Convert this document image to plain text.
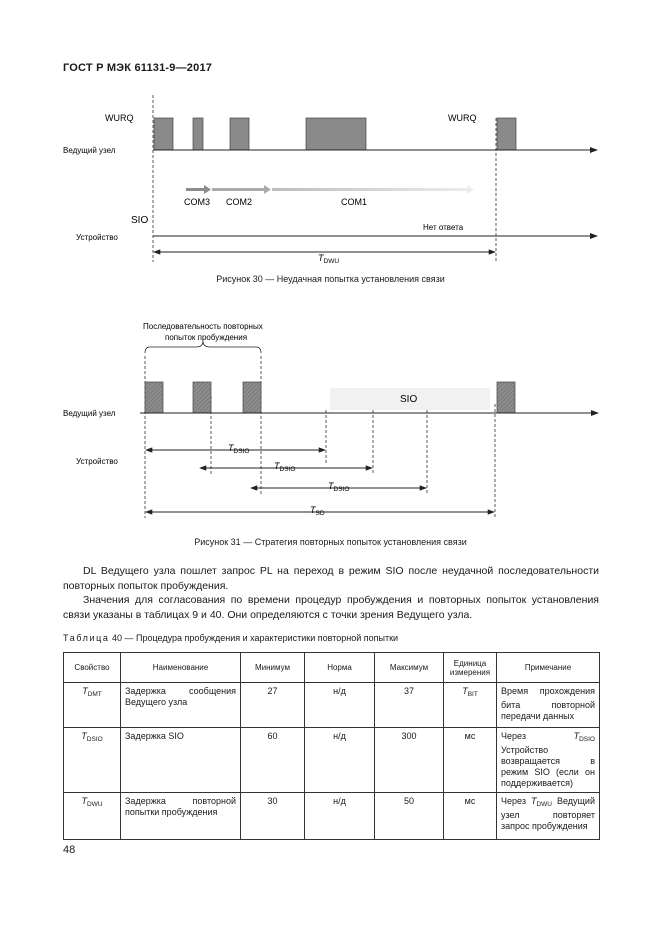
ГОСТ Р МЭК 61131-9—2017
WURQ	WURQ
Ведущий узел
COM3 COM2	COM1
SIO
Нет ответа
Устройство
$T_{DWU}$
Рисунок 30 — Неудачная попытка установления связи
Последовательность повторных попыток пробуждения
SIO
Ведущий узел
Устройство
$T_{DSIO}$
$T_{DSIO}$
$T_{DSIO}$
$T_{SD}$
Рисунок 31 — Стратегия повторных попыток установления связи

DL Ведущего узла пошлет запрос PL на переход в режим SIO после неудачной последовательности повторных попыток пробуждения.

Значения для согласования по времени процедур пробуждения и повторных попыток установления связи указаны в таблицах 9 и 40. Они определяются с точки зрения Ведущего узла.

Таблица 40 — Процедура пробуждения и характеристики повторной попытки
Свойство	Наименование	Минимум	Норма	Максимум	Единица измерения	Примечание
$T_{DMT}$	Задержка сообщения Ведущего узла	27	н/д	37	$T_{BIT}$	Время прохождения бита повторной передачи данных
$T_{DSIO}$	Задержка SIO	60	н/д	300	мс	Через $T_{DSIO}$ Устройство возвращается в режим SIO (если он поддерживается)
$T_{DWU}$	Задержка повторной попытки пробуждения	30	н/д	50	мс	Через $T_{DWU}$ Ведущий узел повторяет запрос пробуждения
48
